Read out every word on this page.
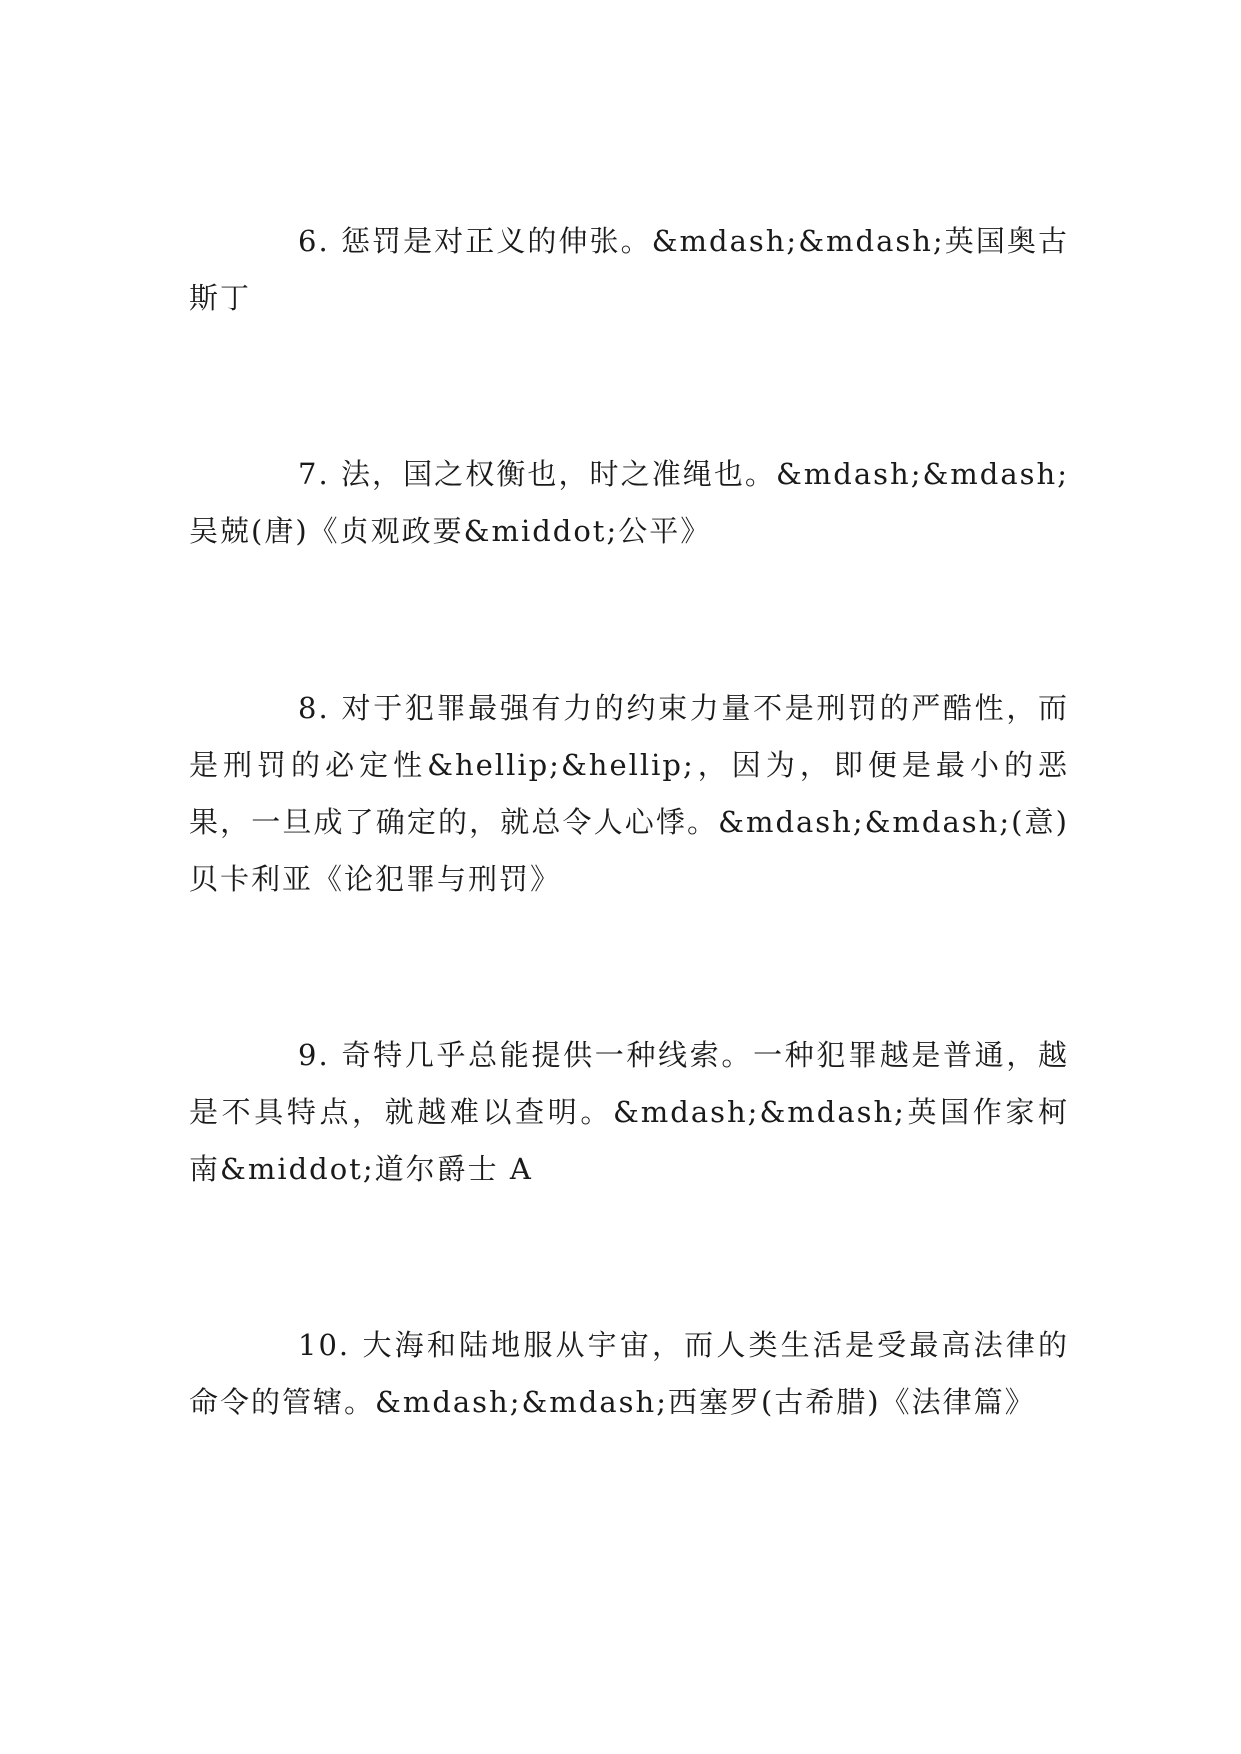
6. 惩罚是对正义的伸张。&mdash;&mdash;英国奥古斯丁

7. 法，国之权衡也，时之准绳也。&mdash;&mdash;吴兢(唐)《贞观政要&middot;公平》

8. 对于犯罪最强有力的约束力量不是刑罚的严酷性，而是刑罚的必定性&hellip;&hellip;，因为，即便是最小的恶果，一旦成了确定的，就总令人心悸。&mdash;&mdash;(意)贝卡利亚《论犯罪与刑罚》

9. 奇特几乎总能提供一种线索。一种犯罪越是普通，越是不具特点，就越难以查明。&mdash;&mdash;英国作家柯南&middot;道尔爵士 A

10. 大海和陆地服从宇宙，而人类生活是受最高法律的命令的管辖。&mdash;&mdash;西塞罗(古希腊)《法律篇》
